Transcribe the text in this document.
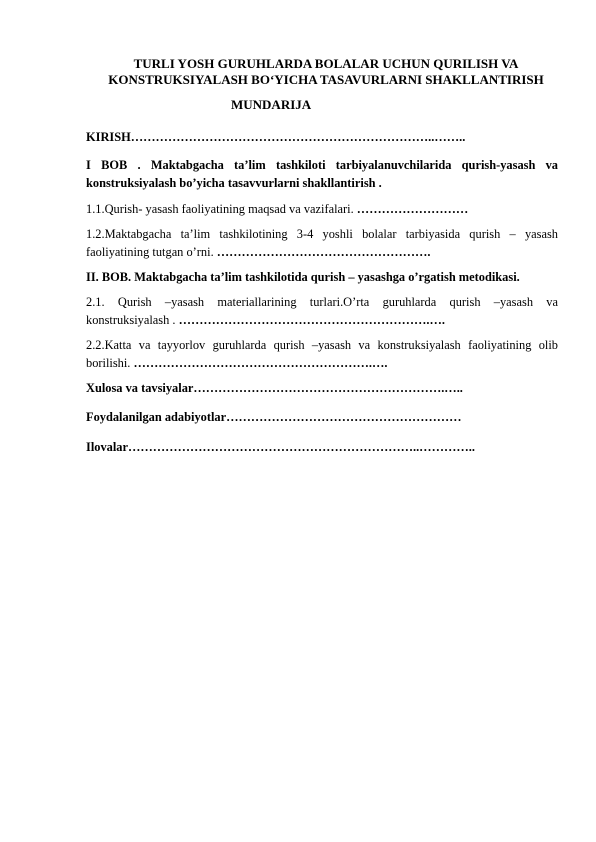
TURLI YOSH GURUHLARDA BOLALAR UCHUN QURILISH VA KONSTRUKSIYALASH BO‘YICHA TASAVURLARNI SHAKLLANTIRISH
MUNDARIJA

KIRISH………………………………………………………………..……..

I BOB . Maktabgacha ta’lim tashkiloti tarbiyalanuvchilarida qurish-yasash va konstruksiyalash bo’yicha tasavvurlarni shakllantirish .

1.1.Qurish- yasash faoliyatining maqsad va vazifalari. ………………………

1.2.Maktabgacha ta’lim tashkilotining 3-4 yoshli bolalar tarbiyasida qurish – yasash faoliyatining tutgan o’rni. …………………………………………….

II. BOB. Maktabgacha ta’lim tashkilotida qurish – yasashga o’rgatish metodikasi.

2.1. Qurish –yasash materiallarining turlari.O’rta guruhlarda qurish –yasash va konstruksiyalash . …………………………………………………….….

2.2.Katta va tayyorlov guruhlarda qurish –yasash va konstruksiyalash faoliyatining olib borilishi. ………………………………………………….….

Xulosa va tavsiyalar…………………………………………………….…..

Foydalanilgan adabiyotlar…………………………………………………

Ilovalar……………………………………………………………..…………..
